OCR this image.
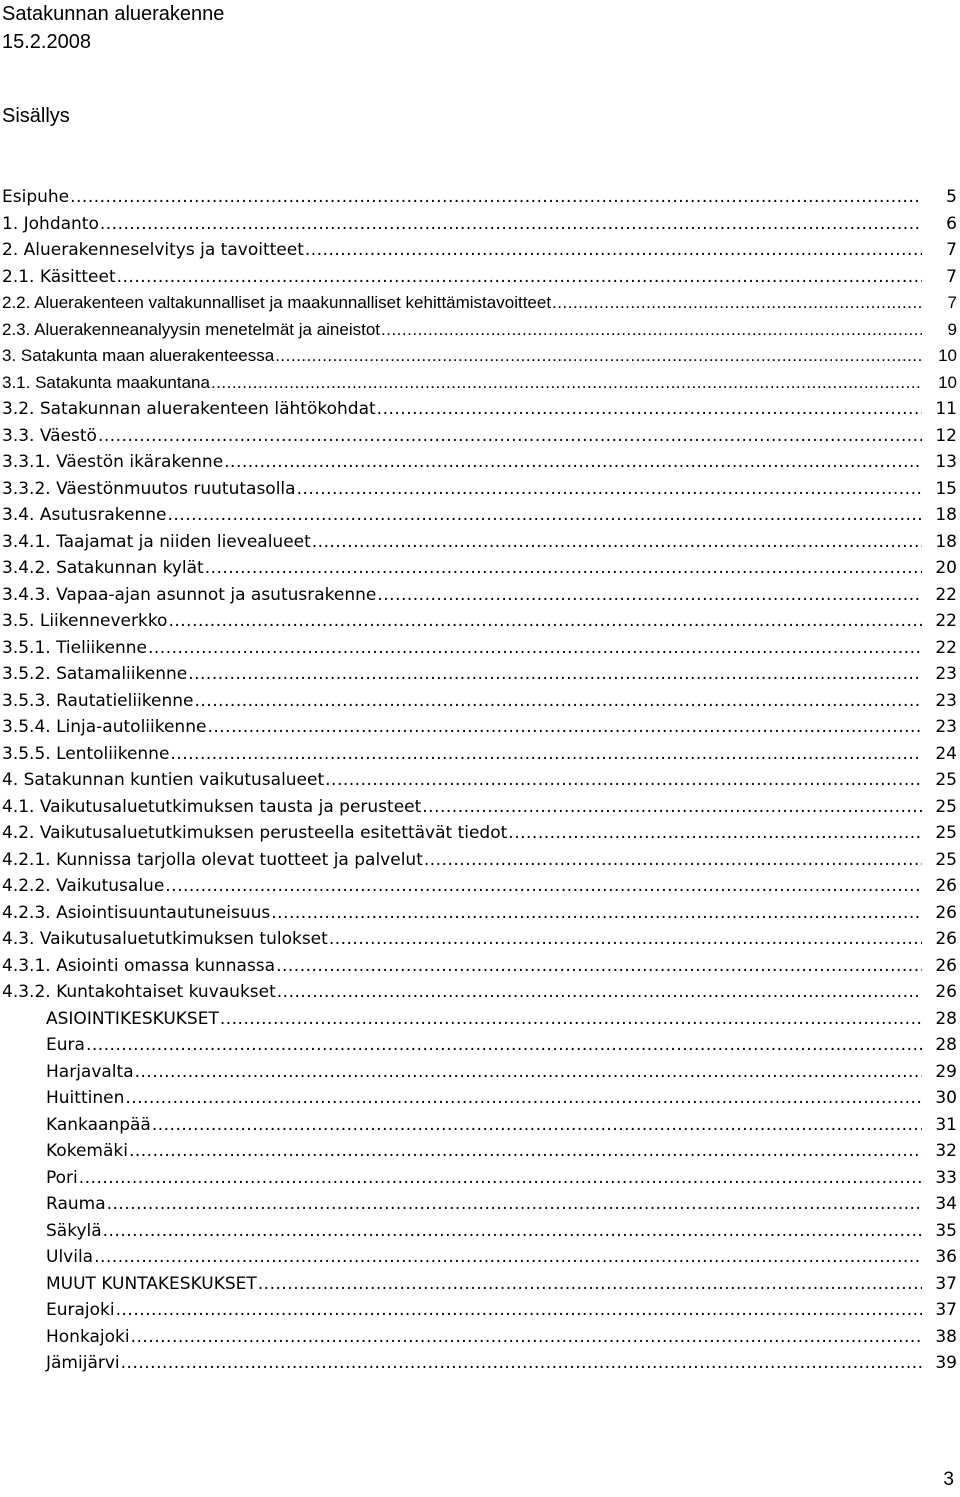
Satakunnan aluerakenne
15.2.2008
Sisällys
Esipuhe .....	5
1. Johdanto .....	6
2. Aluerakenneselvitys ja tavoitteet .....	7
2.1. Käsitteet .....	7
2.2. Aluerakenteen valtakunnalliset ja maakunnalliset kehittämistavoitteet .....	7
2.3. Aluerakenneanalyysin menetelmät ja aineistot .....	9
3. Satakunta maan aluerakenteessa .....	10
3.1. Satakunta maakuntana .....	10
3.2. Satakunnan aluerakenteen lähtökohdat .....	11
3.3. Väestö .....	12
3.3.1. Väestön ikärakenne .....	13
3.3.2. Väestönmuutos ruututasolla .....	15
3.4. Asutusrakenne .....	18
3.4.1. Taajamat ja niiden lievealueet .....	18
3.4.2. Satakunnan kylät .....	20
3.4.3. Vapaa-ajan asunnot ja asutusrakenne .....	22
3.5. Liikenneverkko .....	22
3.5.1. Tieliikenne .....	22
3.5.2. Satamaliikenne .....	23
3.5.3. Rautatieliikenne .....	23
3.5.4. Linja-autoliikenne .....	23
3.5.5. Lentoliikenne .....	24
4. Satakunnan kuntien vaikutusalueet .....	25
4.1. Vaikutusaluetutkimuksen tausta ja perusteet .....	25
4.2. Vaikutusaluetutkimuksen perusteella esitettävät tiedot .....	25
4.2.1. Kunnissa tarjolla olevat tuotteet ja palvelut .....	25
4.2.2. Vaikutusalue .....	26
4.2.3. Asiointisuuntautuneisuus .....	26
4.3. Vaikutusaluetutkimuksen tulokset .....	26
4.3.1. Asiointi omassa kunnassa .....	26
4.3.2. Kuntakohtaiset kuvaukset .....	26
ASIOINTIKESKUKSET .....	28
Eura .....	28
Harjavalta .....	29
Huittinen .....	30
Kankaanpää .....	31
Kokemäki .....	32
Pori .....	33
Rauma .....	34
Säkylä .....	35
Ulvila .....	36
MUUT KUNTAKESKUKSET .....	37
Eurajoki .....	37
Honkajoki .....	38
Jämijärvi .....	39
3
